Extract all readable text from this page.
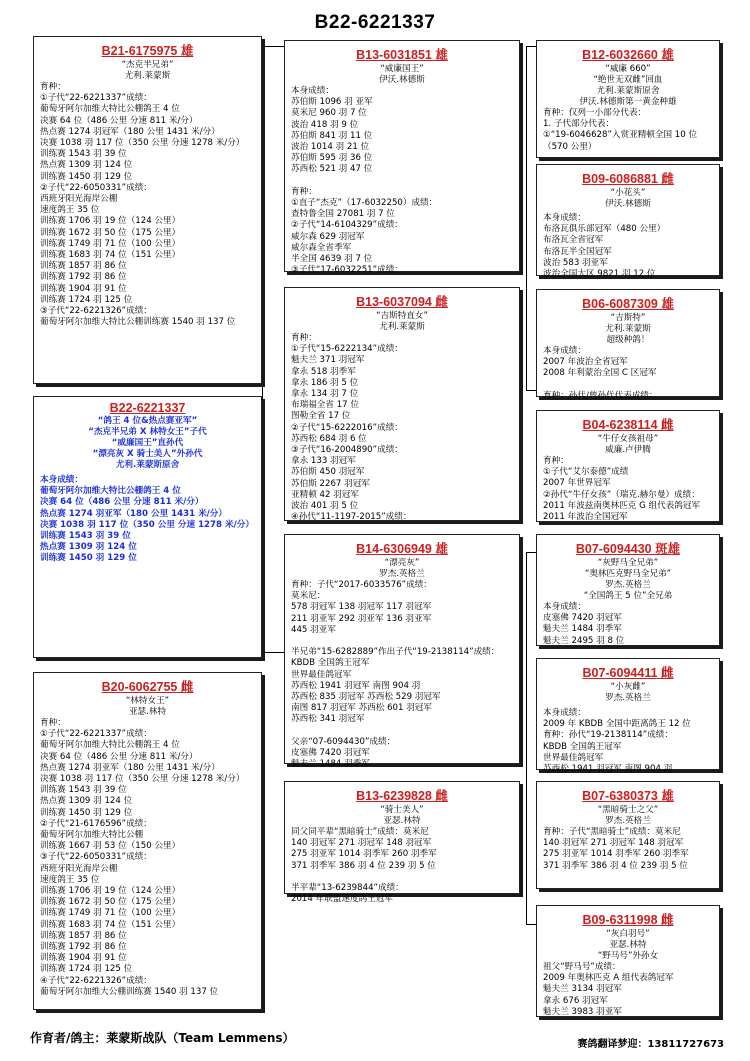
B22-6221337
B21-6175975 雄
“杰克半兄弟”
尤利.莱蒙斯
育种：
①子代“22-6221337”成绩：
葡萄牙阿尔加维大特比公棚鸽王 4 位
决赛 64 位（486 公里 分速 811 米/分）
热点赛 1274 羽冠军（180 公里 1431 米/分）
决赛 1038 羽 117 位（350 公里 分速 1278 米/分）
训练赛 1543 羽 39 位
热点赛 1309 羽 124 位
训练赛 1450 羽 129 位
②子代“22-6050331”成绩：
西班牙阳光海岸公棚
速度鸽王 35 位
训练赛 1706 羽 19 位（124 公里）
训练赛 1672 羽 50 位（175 公里）
训练赛 1749 羽 71 位（100 公里）
训练赛 1683 羽 74 位（151 公里）
训练赛 1857 羽 86 位
训练赛 1792 羽 86 位
训练赛 1904 羽 91 位
训练赛 1724 羽 125 位
③子代“22-6221326”成绩：
葡萄牙阿尔加维大特比公棚训练赛 1540 羽 137 位
B22-6221337
“鸽王 4 位&热点赛亚军”
“杰克半兄弟 X 林特女王”子代
“威廉国王”直孙代
“漂亮灰 X 骑士美人”外孙代
尤利.莱蒙斯原舍
本身成绩：
葡萄牙阿尔加维大特比公棚鸽王 4 位
决赛 64 位（486 公里 分速 811 米/分）
热点赛 1274 羽亚军（180 公里 1431 米/分）
决赛 1038 羽 117 位（350 公里 分速 1278 米/分）
训练赛 1543 羽 39 位
热点赛 1309 羽 124 位
训练赛 1450 羽 129 位
B20-6062755 雌
“林特女王”
亚瑟.林特
育种：
①子代“22-6221337”成绩：
葡萄牙阿尔加维大特比公棚鸽王 4 位
决赛 64 位（486 公里 分速 811 米/分）
热点赛 1274 羽亚军（180 公里 1431 米/分）
决赛 1038 羽 117 位（350 公里 分速 1278 米/分）
训练赛 1543 羽 39 位
热点赛 1309 羽 124 位
训练赛 1450 羽 129 位
②子代“21-6176596”成绩：
葡萄牙阿尔加维大特比公棚
训练赛 1667 羽 53 位（150 公里）
③子代“22-6050331”成绩：
西班牙阳光海岸公棚
速度鸽王 35 位
训练赛 1706 羽 19 位（124 公里）
训练赛 1672 羽 50 位（175 公里）
训练赛 1749 羽 71 位（100 公里）
训练赛 1683 羽 74 位（151 公里）
训练赛 1857 羽 86 位
训练赛 1792 羽 86 位
训练赛 1904 羽 91 位
训练赛 1724 羽 125 位
④子代“22-6221326”成绩：
葡萄牙阿尔加维大公棚训练赛 1540 羽 137 位
B13-6031851 雄
“威廉国王”
伊沃.林德斯
本身成绩：
苏伯斯 1096 羽 亚军
莫米尼 960 羽 7 位
波治 418 羽 9 位
苏伯斯 841 羽 11 位
波治 1014 羽 21 位
苏伯斯 595 羽 36 位
苏西松 521 羽 47 位

育种：
①直子“杰克”（17-6032250）成绩：
查特鲁全国 27081 羽 7 位
②子代“14-6104329”成绩：
威尔森 629 羽冠军
威尔森全省季军
半全国 4639 羽 7 位
③子代“17-6032251”成绩：
B13-6037094 雌
“吉斯特直女”
尤利.莱蒙斯
育种：
①子代“15-6222134”成绩：
魁夫兰 371 羽冠军
拿永 518 羽季军
拿永 186 羽 5 位
拿永 134 羽 7 位
布瑞福全省 17 位
图勒全省 17 位
②子代“15-6222016”成绩：
苏西松 684 羽 6 位
③子代“16-2004890”成绩：
拿永 133 羽冠军
苏伯斯 450 羽冠军
苏伯斯 2267 羽冠军
亚精顿 42 羽冠军
波治 401 羽 5 位
④孙代“11-1197-2015”成绩：
B14-6306949 雄
“漂亮灰”
罗杰.英格兰
育种：子代“2017-6033576”成绩：
莫米尼：
578 羽冠军 138 羽冠军 117 羽冠军
211 羽亚军 292 羽亚军 136 羽亚军
445 羽亚军

半兄弟“15-6282889”作出子代“19-2138114”成绩：
KBDB 全国鸽王冠军
世界最佳鸽冠军
苏西松 1941 羽冠军 南图 904 羽
苏西松 835 羽冠军 苏西松 529 羽冠军
南图 817 羽冠军 苏西松 601 羽冠军
苏西松 341 羽冠军

父亲“07-6094430”成绩：
皮塞佛 7420 羽冠军
魁夫兰 1484 羽季军
B13-6239828 雌
“骑士美人”
亚瑟.林特
同父同平辈“黑暗骑士”成绩：莫米尼
140 羽冠军 271 羽冠军 148 羽冠军
275 羽亚军 1014 羽季军 260 羽季军
371 羽季军 386 羽 4 位 239 羽 5 位

半平辈“13-6239844”成绩：
2014 年联盟速度鸽王冠军
B12-6032660 雄
“威廉 660”
“绝世无双雌”回血
尤利.莱蒙斯原舍
伊沃.林德斯第一黄金种雄
育种：仅列一小部分代表：
1. 子代部分代表：
①“19-6046628”入赏亚精顿全国 10 位
（570 公里）
B09-6086881 雌
“小花头”
伊沃.林德斯
本身成绩：
布洛瓦俱乐部冠军（480 公里）
布洛瓦全省冠军
布洛瓦半全国冠军
波治 583 羽亚军
波治全国大区 9821 羽 12 位
B06-6087309 雄
“吉斯特”
尤利.莱蒙斯
超级种鸽！
本身成绩：
2007 年波治全省冠军
2008 年利蒙治全国 C 区冠军

育种：孙代/曾孙代代表成绩：
B04-6238114 雌
“牛仔女孩祖母”
威廉.卢伊腾
育种：
①子代“艾尔泰德”成绩
2007 年世界冠军
②孙代“牛仔女孩”（瑞克.赫尔曼）成绩：
2011 年波兹南奥林匹克 G 组代表鸽冠军
2011 年波治全国冠军
B07-6094430 斑雄
“灰野马全兄弟”
“奥林匹克野马全兄弟”
罗杰.英格兰
“全国鸽王 5 位”全兄弟
本身成绩：
皮塞佛 7420 羽冠军
魁夫兰 1484 羽季军
魁夫兰 2495 羽 8 位
B07-6094411 雌
“小灰雌”
罗杰.英格兰
本身成绩：
2009 年 KBDB 全国中距离鸽王 12 位
育种：孙代“19-2138114”成绩：
KBDB 全国鸽王冠军
世界最佳鸽冠军
苏西松 1941 羽冠军 南图 904 羽
B07-6380373 雄
“黑暗骑士之父”
罗杰.英格兰
育种：子代“黑暗骑士”成绩：莫米尼
140 羽冠军 271 羽冠军 148 羽冠军
275 羽亚军 1014 羽季军 260 羽季军
371 羽季军 386 羽 4 位 239 羽 5 位
B09-6311998 雌
“灰白羽号”
亚瑟.林特
“野马号”外孙女
祖父“野马号”成绩：
2009 年奥林匹克 A 组代表鸽冠军
魁夫兰 3134 羽冠军
拿永 676 羽冠军
魁夫兰 3983 羽亚军
作育者/鸽主：莱蒙斯战队（Team Lemmens）	赛鸽翻译梦迎：13811727673
